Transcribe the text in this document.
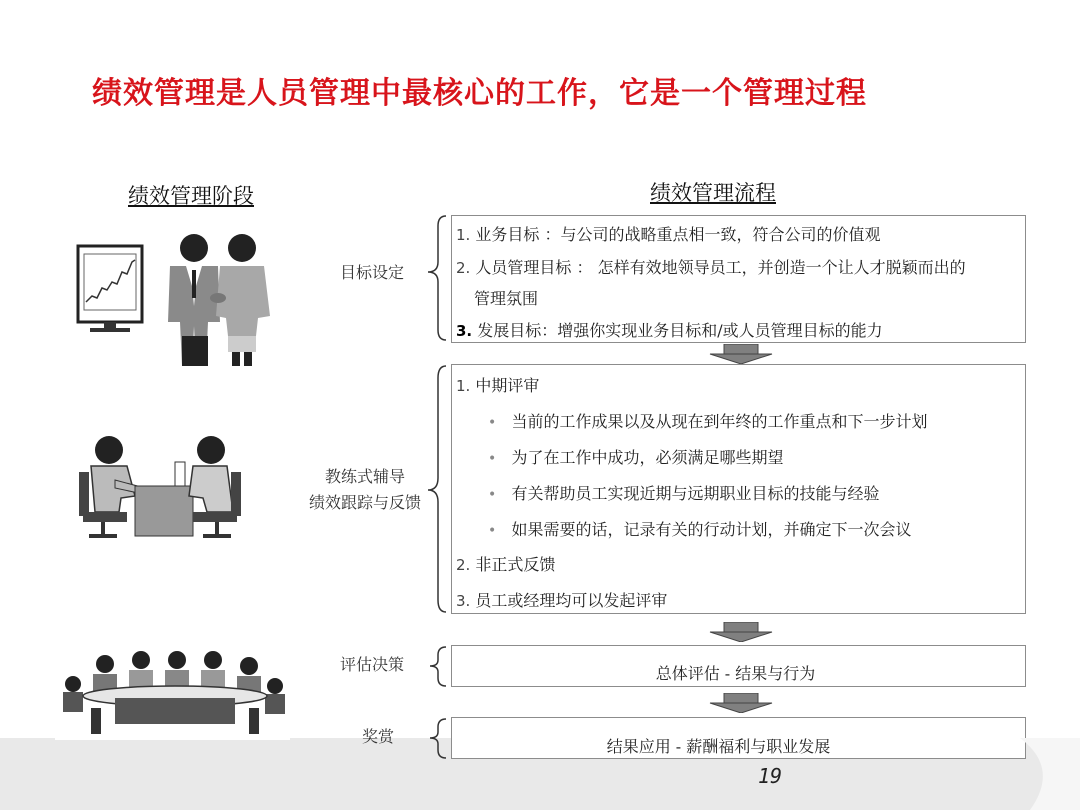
绩效管理是人员管理中最核心的工作，它是一个管理过程
绩效管理阶段	绩效管理流程
目标设定
教练式辅导
绩效跟踪与反馈
评估决策
奖赏
1. 业务目标 ：与公司的战略重点相一致，符合公司的价值观
2. 人员管理目标 ： 怎样有效地领导员工，并创造一个让人才脱颖而出的
管理氛围
3. 发展目标：增强你实现业务目标和/或人员管理目标的能力
1. 中期评审
• 当前的工作成果以及从现在到年终的工作重点和下一步计划
• 为了在工作中成功，必须满足哪些期望
• 有关帮助员工实现近期与远期职业目标的技能与经验
• 如果需要的话，记录有关的行动计划，并确定下一次会议
2. 非正式反馈
3. 员工或经理均可以发起评审
总体评估 - 结果与行为
结果应用 - 薪酬福利与职业发展
19
